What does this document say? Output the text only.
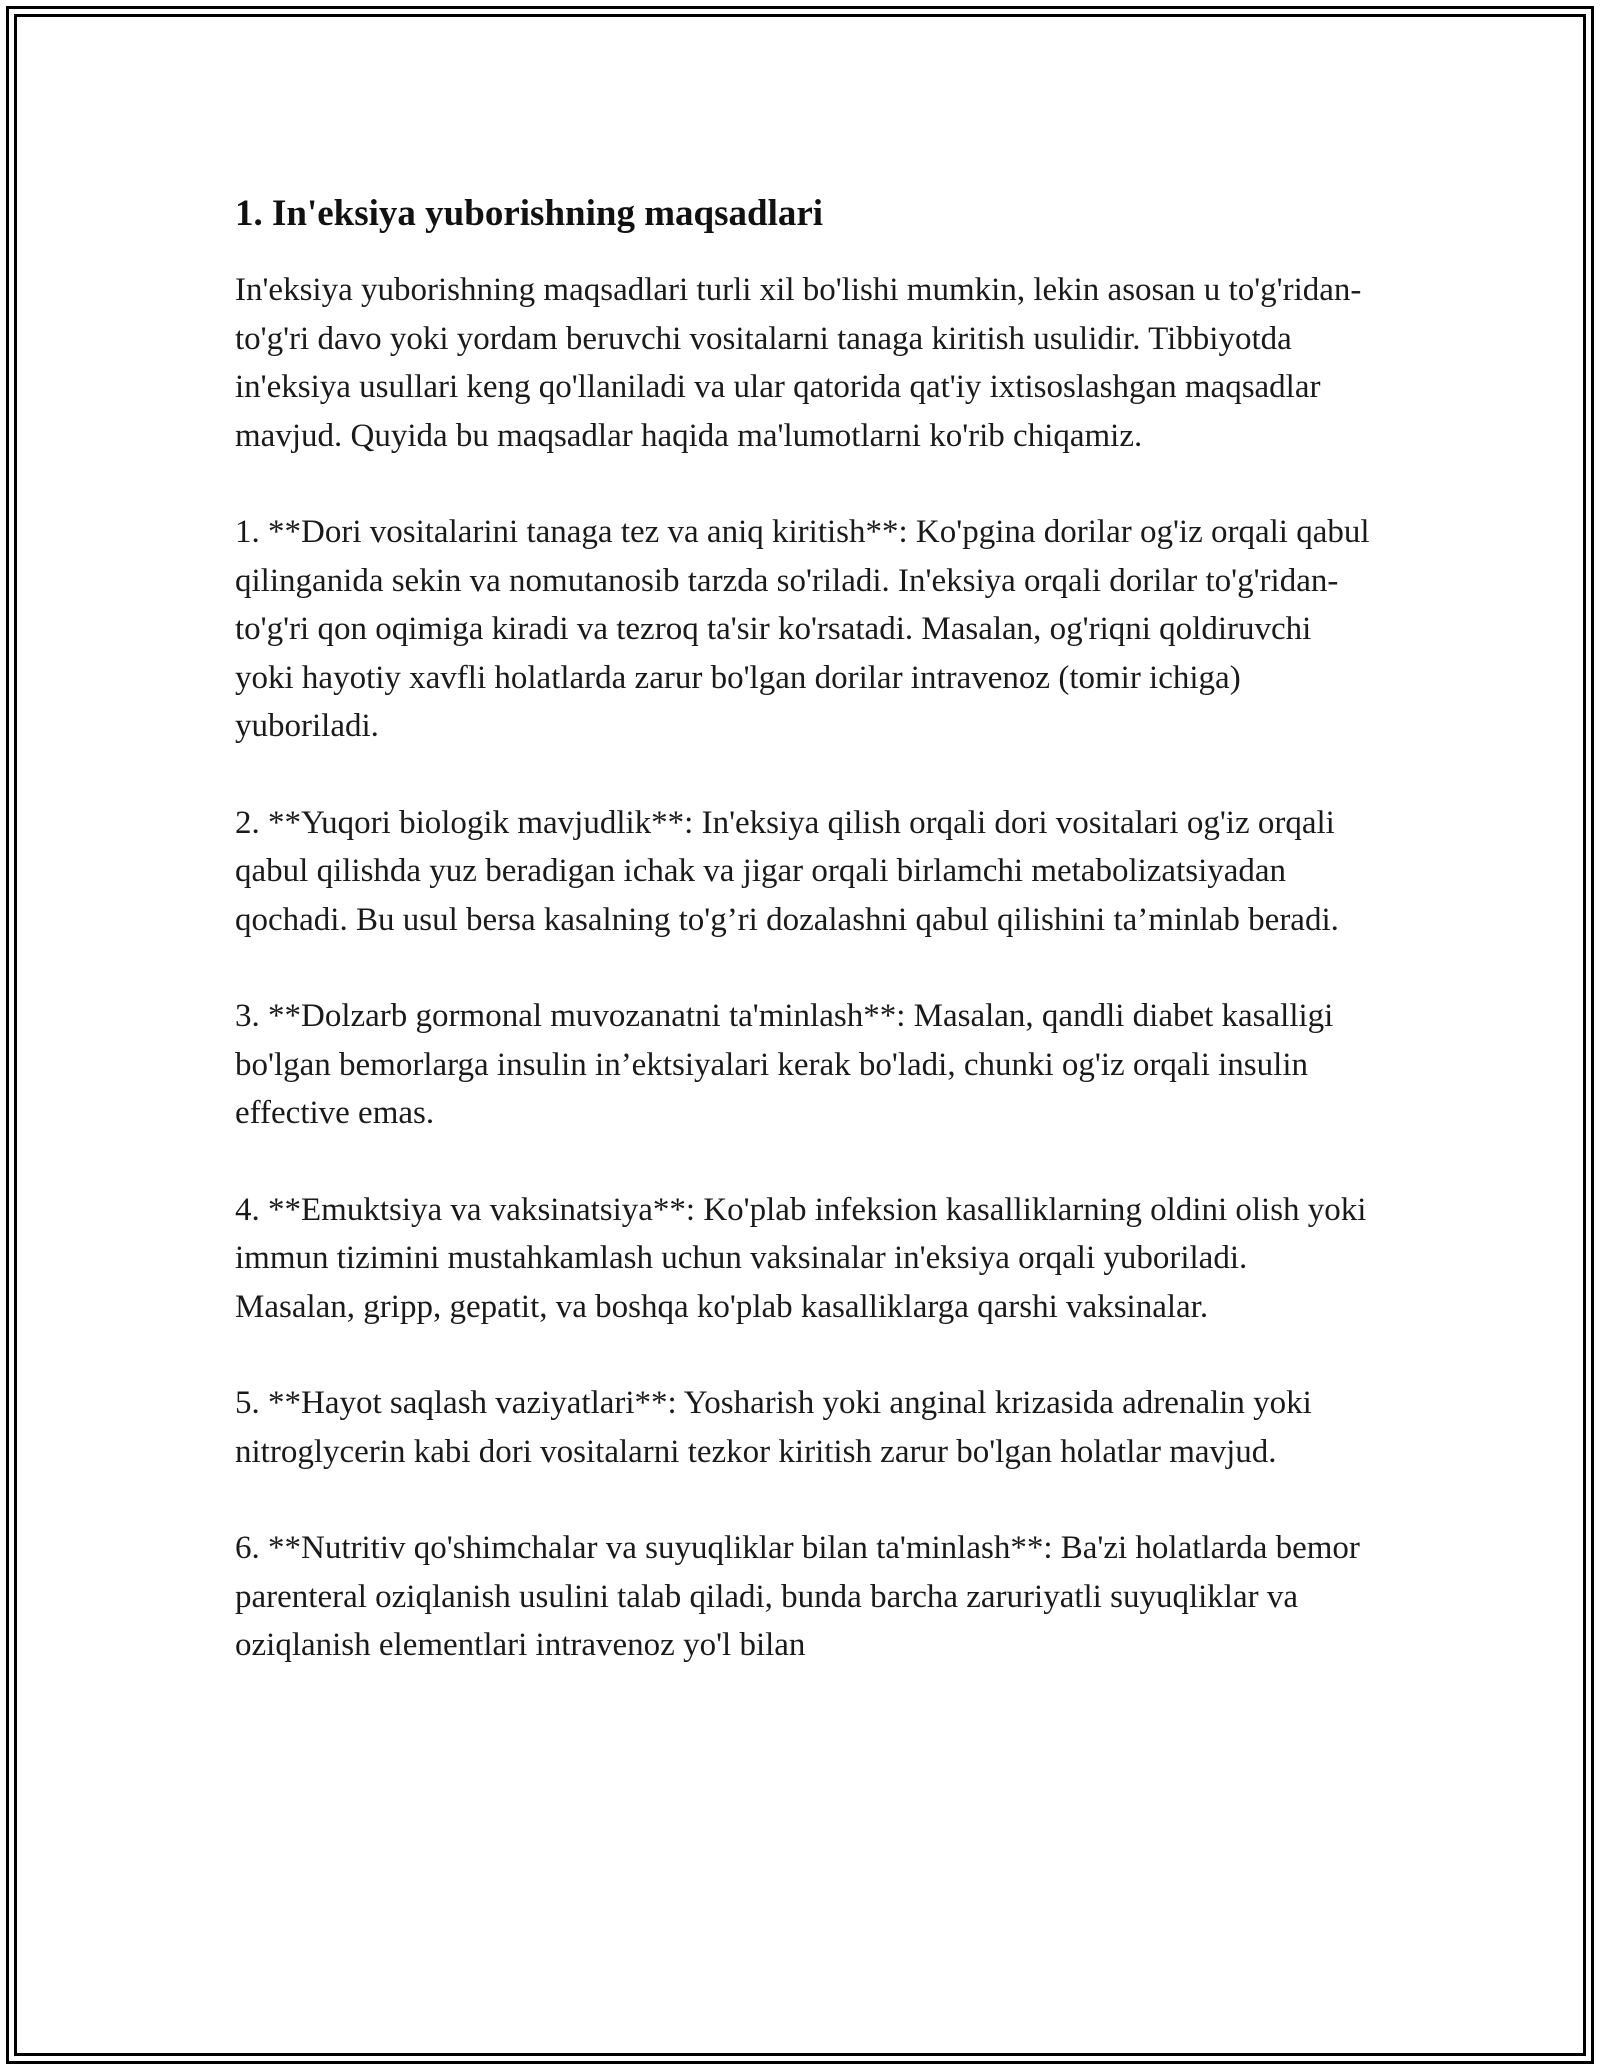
1. In'eksiya yuborishning maqsadlari

In'eksiya yuborishning maqsadlari turli xil bo'lishi mumkin, lekin asosan u to'g'ridan-to'g'ri davo yoki yordam beruvchi vositalarni tanaga kiritish usulidir. Tibbiyotda in'eksiya usullari keng qo'llaniladi va ular qatorida qat'iy ixtisoslashgan maqsadlar mavjud. Quyida bu maqsadlar haqida ma'lumotlarni ko'rib chiqamiz.

1. **Dori vositalarini tanaga tez va aniq kiritish**: Ko'pgina dorilar og'iz orqali qabul qilinganida sekin va nomutanosib tarzda so'riladi. In'eksiya orqali dorilar to'g'ridan-to'g'ri qon oqimiga kiradi va tezroq ta'sir ko'rsatadi. Masalan, og'riqni qoldiruvchi yoki hayotiy xavfli holatlarda zarur bo'lgan dorilar intravenoz (tomir ichiga) yuboriladi.

2. **Yuqori biologik mavjudlik**: In'eksiya qilish orqali dori vositalari og'iz orqali qabul qilishda yuz beradigan ichak va jigar orqali birlamchi metabolizatsiyadan qochadi. Bu usul bersa kasalning to'g’ri dozalashni qabul qilishini ta’minlab beradi.

3. **Dolzarb gormonal muvozanatni ta'minlash**: Masalan, qandli diabet kasalligi bo'lgan bemorlarga insulin in’ektsiyalari kerak bo'ladi, chunki og'iz orqali insulin effective emas.

4. **Emuktsiya va vaksinatsiya**: Ko'plab infeksion kasalliklarning oldini olish yoki immun tizimini mustahkamlash uchun vaksinalar in'eksiya orqali yuboriladi. Masalan, gripp, gepatit, va boshqa ko'plab kasalliklarga qarshi vaksinalar.

5. **Hayot saqlash vaziyatlari**: Yosharish yoki anginal krizasida adrenalin yoki nitroglycerin kabi dori vositalarni tezkor kiritish zarur bo'lgan holatlar mavjud.

6. **Nutritiv qo'shimchalar va suyuqliklar bilan ta'minlash**: Ba'zi holatlarda bemor parenteral oziqlanish usulini talab qiladi, bunda barcha zaruriyatli suyuqliklar va oziqlanish elementlari intravenoz yo'l bilan
